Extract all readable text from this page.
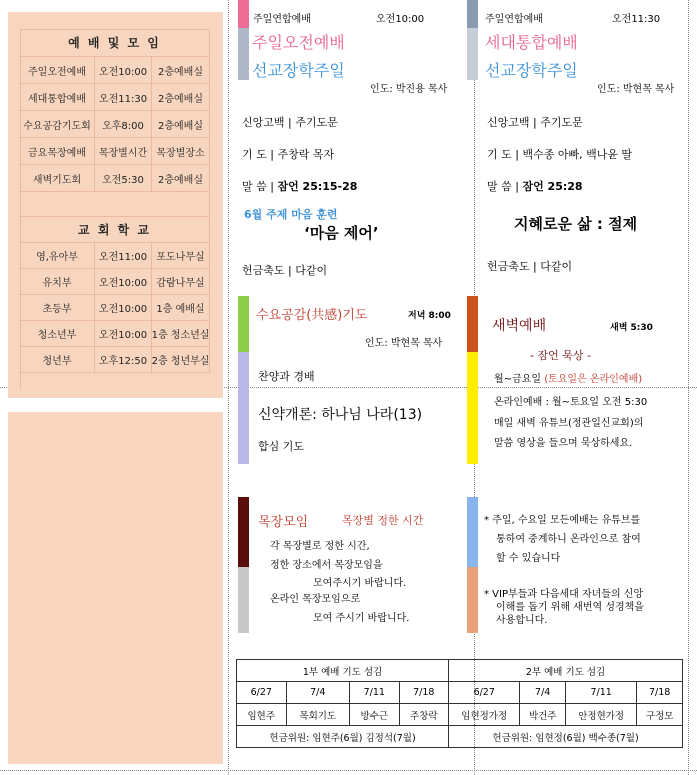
예 배 및 모 임
주일오전예배	오전10:00	2층예배실
세대통합예배	오전11:30	2층예배실
수요공감기도회	오후8:00	2층예배실
금요목장예배	목장별시간 목장별장소
새벽기도회	오전5:30	2층예배실
교 회 학 교
영,유아부	오전11:00 포도나무실
유치부	오전10:00 감람나무실
초등부	오전10:00 1층 예배실
청소년부	오전10:00 1층 청소년실
청년부	오후12:50 2층 청년부실
주일연합예배	오전10:00
주일오전예배
선교장학주일
인도: 박진용 목사
신앙고백 | 주기도문
기 도 | 주창락 목자
말 씀 | 잠언 25:15-28
6월 주제 마음 훈련
‘마음 제어’
헌금축도 | 다같이
주일연합예배	오전11:30
세대통합예배
선교장학주일
인도: 박현목 목사
신앙고백 | 주기도문
기 도 | 백수종 아빠, 백나윤 딸
말 씀 | 잠언 25:28
지혜로운 삶 : 절제
헌금축도 | 다같이
수요공감(共感)기도	저녁 8:00
인도: 박현목 목사
찬양과 경배
신약개론: 하나님 나라(13)
합심 기도
새벽예배	새벽 5:30
- 잠언 묵상 -
월~금요일 (토요일은 온라인예배)
온라인예배 : 월~토요일 오전 5:30
매일 새벽 유튜브(정관일신교회)의
말씀 영상을 들으며 묵상하세요.
목장모임	목장별 정한 시간
각 목장별로 정한 시간,
정한 장소에서 목장모임을
모여주시기 바랍니다.
온라인 목장모임으로
모여 주시기 바랍니다.
* 주일, 수요일 모든예배는 유튜브를
통하여 중계하니 온라인으로 참여
할 수 있습니다
* VIP부들과 다음세대 자녀들의 신앙
이해를 돕기 위해 새번역 성경책을
사용합니다.
1부 예배 기도 섬김				2부 예배 기도 섬김			
6/27	7/4	7/11	7/18	6/27	7/4	7/11	7/18
임현주	목회기도	방수근	주창락	임현정가정	박건주	안정현가정	구정모
헌금위원: 임현주(6월) 김정석(7월)				헌금위원: 임현정(6월) 백수종(7월)			
